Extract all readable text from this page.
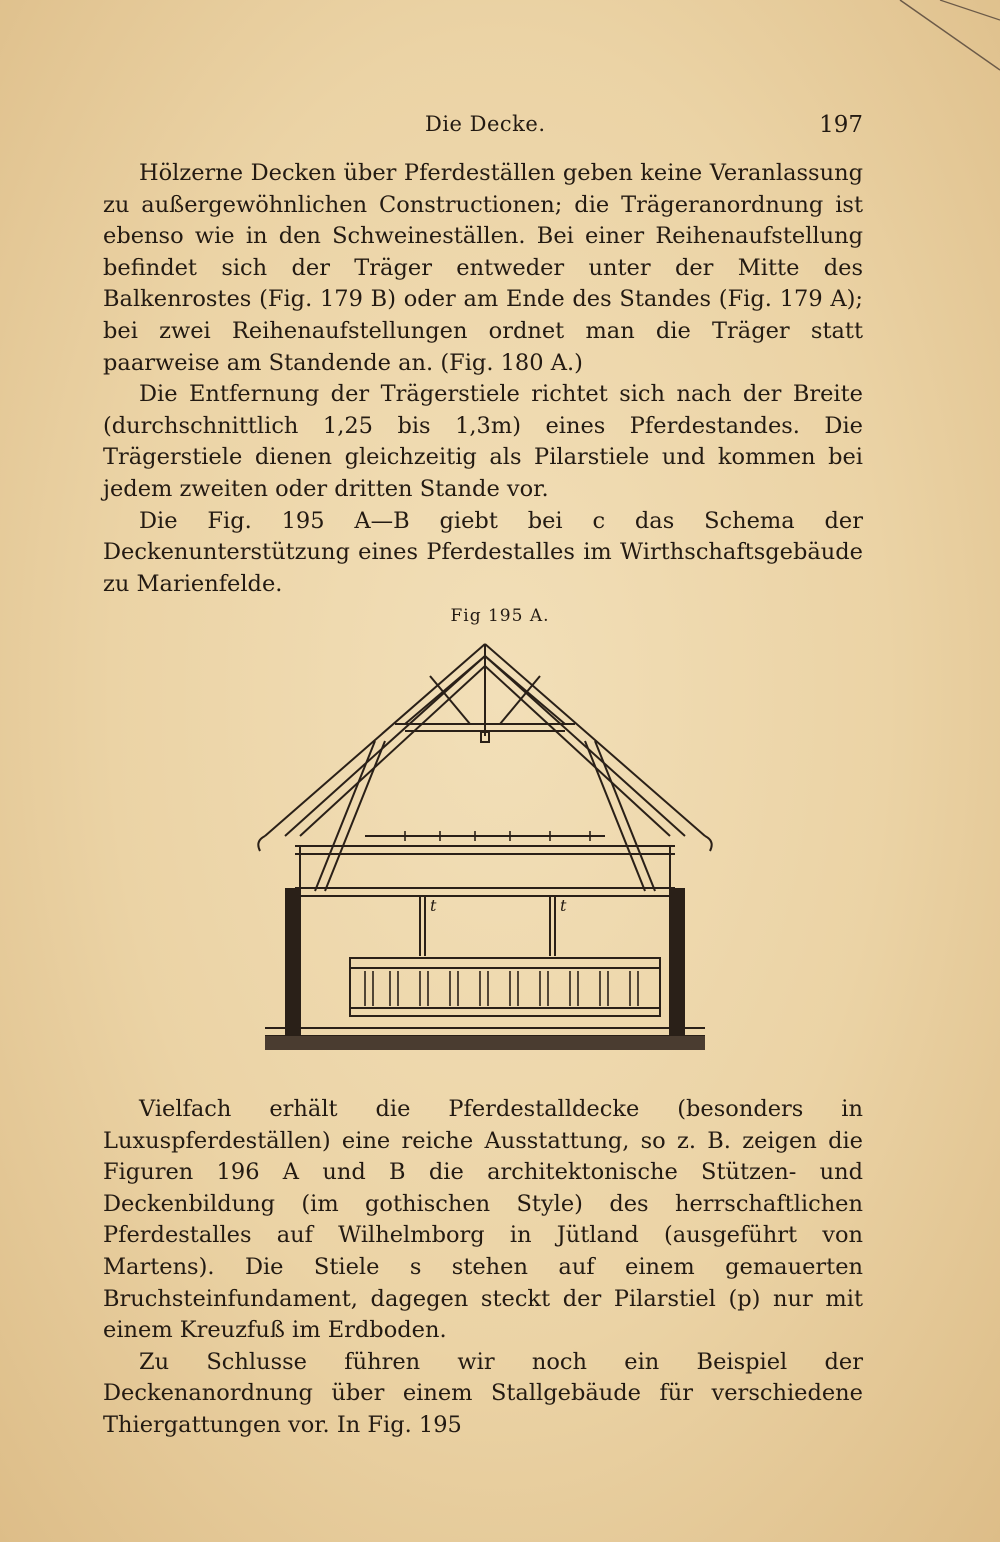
Die Decke.	197

Hölzerne Decken über Pferdeställen geben keine Veranlassung zu außergewöhnlichen Constructionen; die Trägeranordnung ist ebenso wie in den Schweineställen. Bei einer Reihenaufstellung befindet sich der Träger entweder unter der Mitte des Balkenrostes (Fig. 179 B) oder am Ende des Standes (Fig. 179 A); bei zwei Reihenaufstellungen ordnet man die Träger statt paarweise am Standende an. (Fig. 180 A.)

Die Entfernung der Trägerstiele richtet sich nach der Breite (durchschnittlich 1,25 bis 1,3m) eines Pferdestandes. Die Trägerstiele dienen gleichzeitig als Pilarstiele und kommen bei jedem zweiten oder dritten Stande vor.

Die Fig. 195 A—B giebt bei c das Schema der Deckenunterstützung eines Pferdestalles im Wirthschaftsgebäude zu Marienfelde.

Fig 195 A.
t	t

Vielfach erhält die Pferdestalldecke (besonders in Luxuspferdeställen) eine reiche Ausstattung, so z. B. zeigen die Figuren 196 A und B die architektonische Stützen- und Deckenbildung (im gothischen Style) des herrschaftlichen Pferdestalles auf Wilhelmborg in Jütland (ausgeführt von Martens). Die Stiele s stehen auf einem gemauerten Bruchsteinfundament, dagegen steckt der Pilarstiel (p) nur mit einem Kreuzfuß im Erdboden.

Zu Schlusse führen wir noch ein Beispiel der Deckenanordnung über einem Stallgebäude für verschiedene Thiergattungen vor. In Fig. 195
